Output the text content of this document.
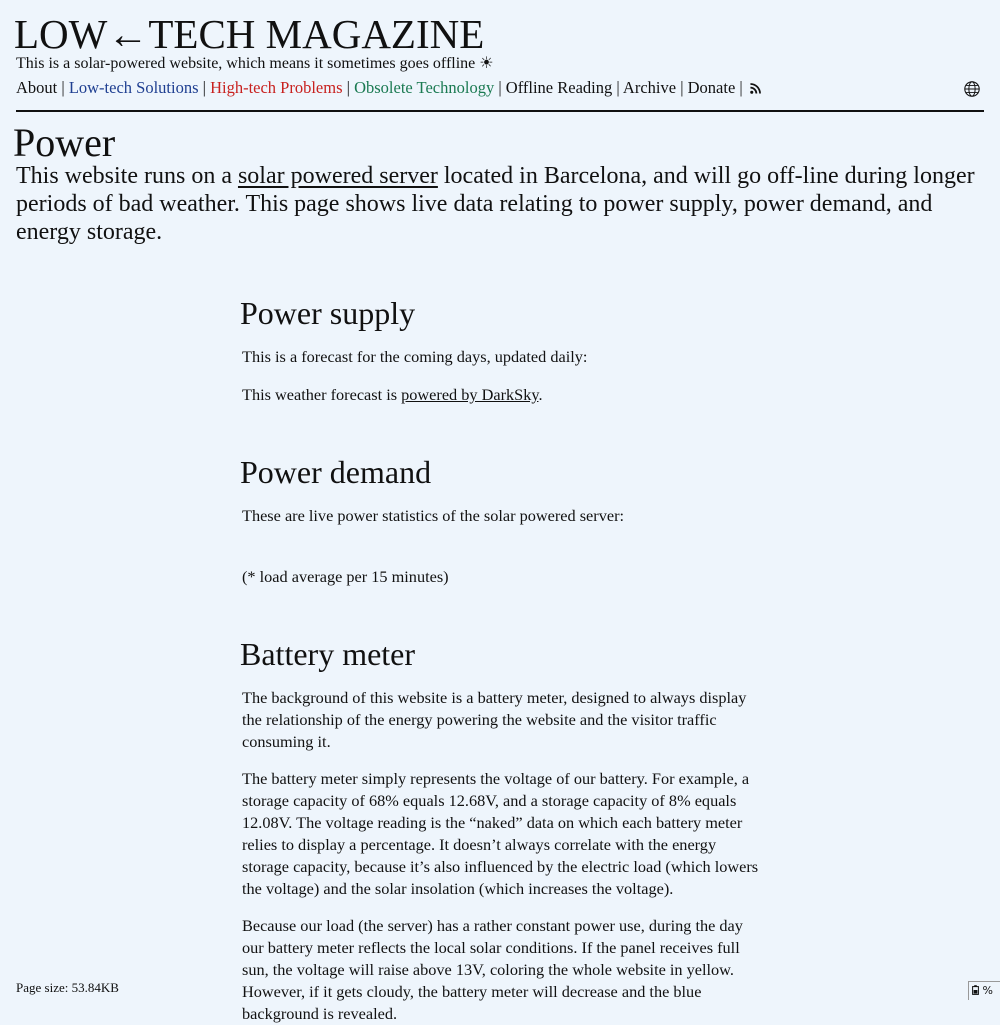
LOW←TECH MAGAZINE
This is a solar-powered website, which means it sometimes goes offline ☀
About | Low-tech Solutions | High-tech Problems | Obsolete Technology | Offline Reading | Archive | Donate |
Power

This website runs on a solar powered server located in Barcelona, and will go off-line during longer periods of bad weather. This page shows live data relating to power supply, power demand, and energy storage.

Power supply

This is a forecast for the coming days, updated daily:

This weather forecast is powered by DarkSky.

Power demand

These are live power statistics of the solar powered server:

(* load average per 15 minutes)

Battery meter

The background of this website is a battery meter, designed to always display the relationship of the energy powering the website and the visitor traffic consuming it.

The battery meter simply represents the voltage of our battery. For example, a storage capacity of 68% equals 12.68V, and a storage capacity of 8% equals 12.08V. The voltage reading is the “naked” data on which each battery meter relies to display a percentage. It doesn’t always correlate with the energy storage capacity, because it’s also influenced by the electric load (which lowers the voltage) and the solar insolation (which increases the voltage).

Because our load (the server) has a rather constant power use, during the day our battery meter reflects the local solar conditions. If the panel receives full sun, the voltage will raise above 13V, coloring the whole website in yellow. However, if it gets cloudy, the battery meter will decrease and the blue background is revealed.

Page size: 53.84KB	%
